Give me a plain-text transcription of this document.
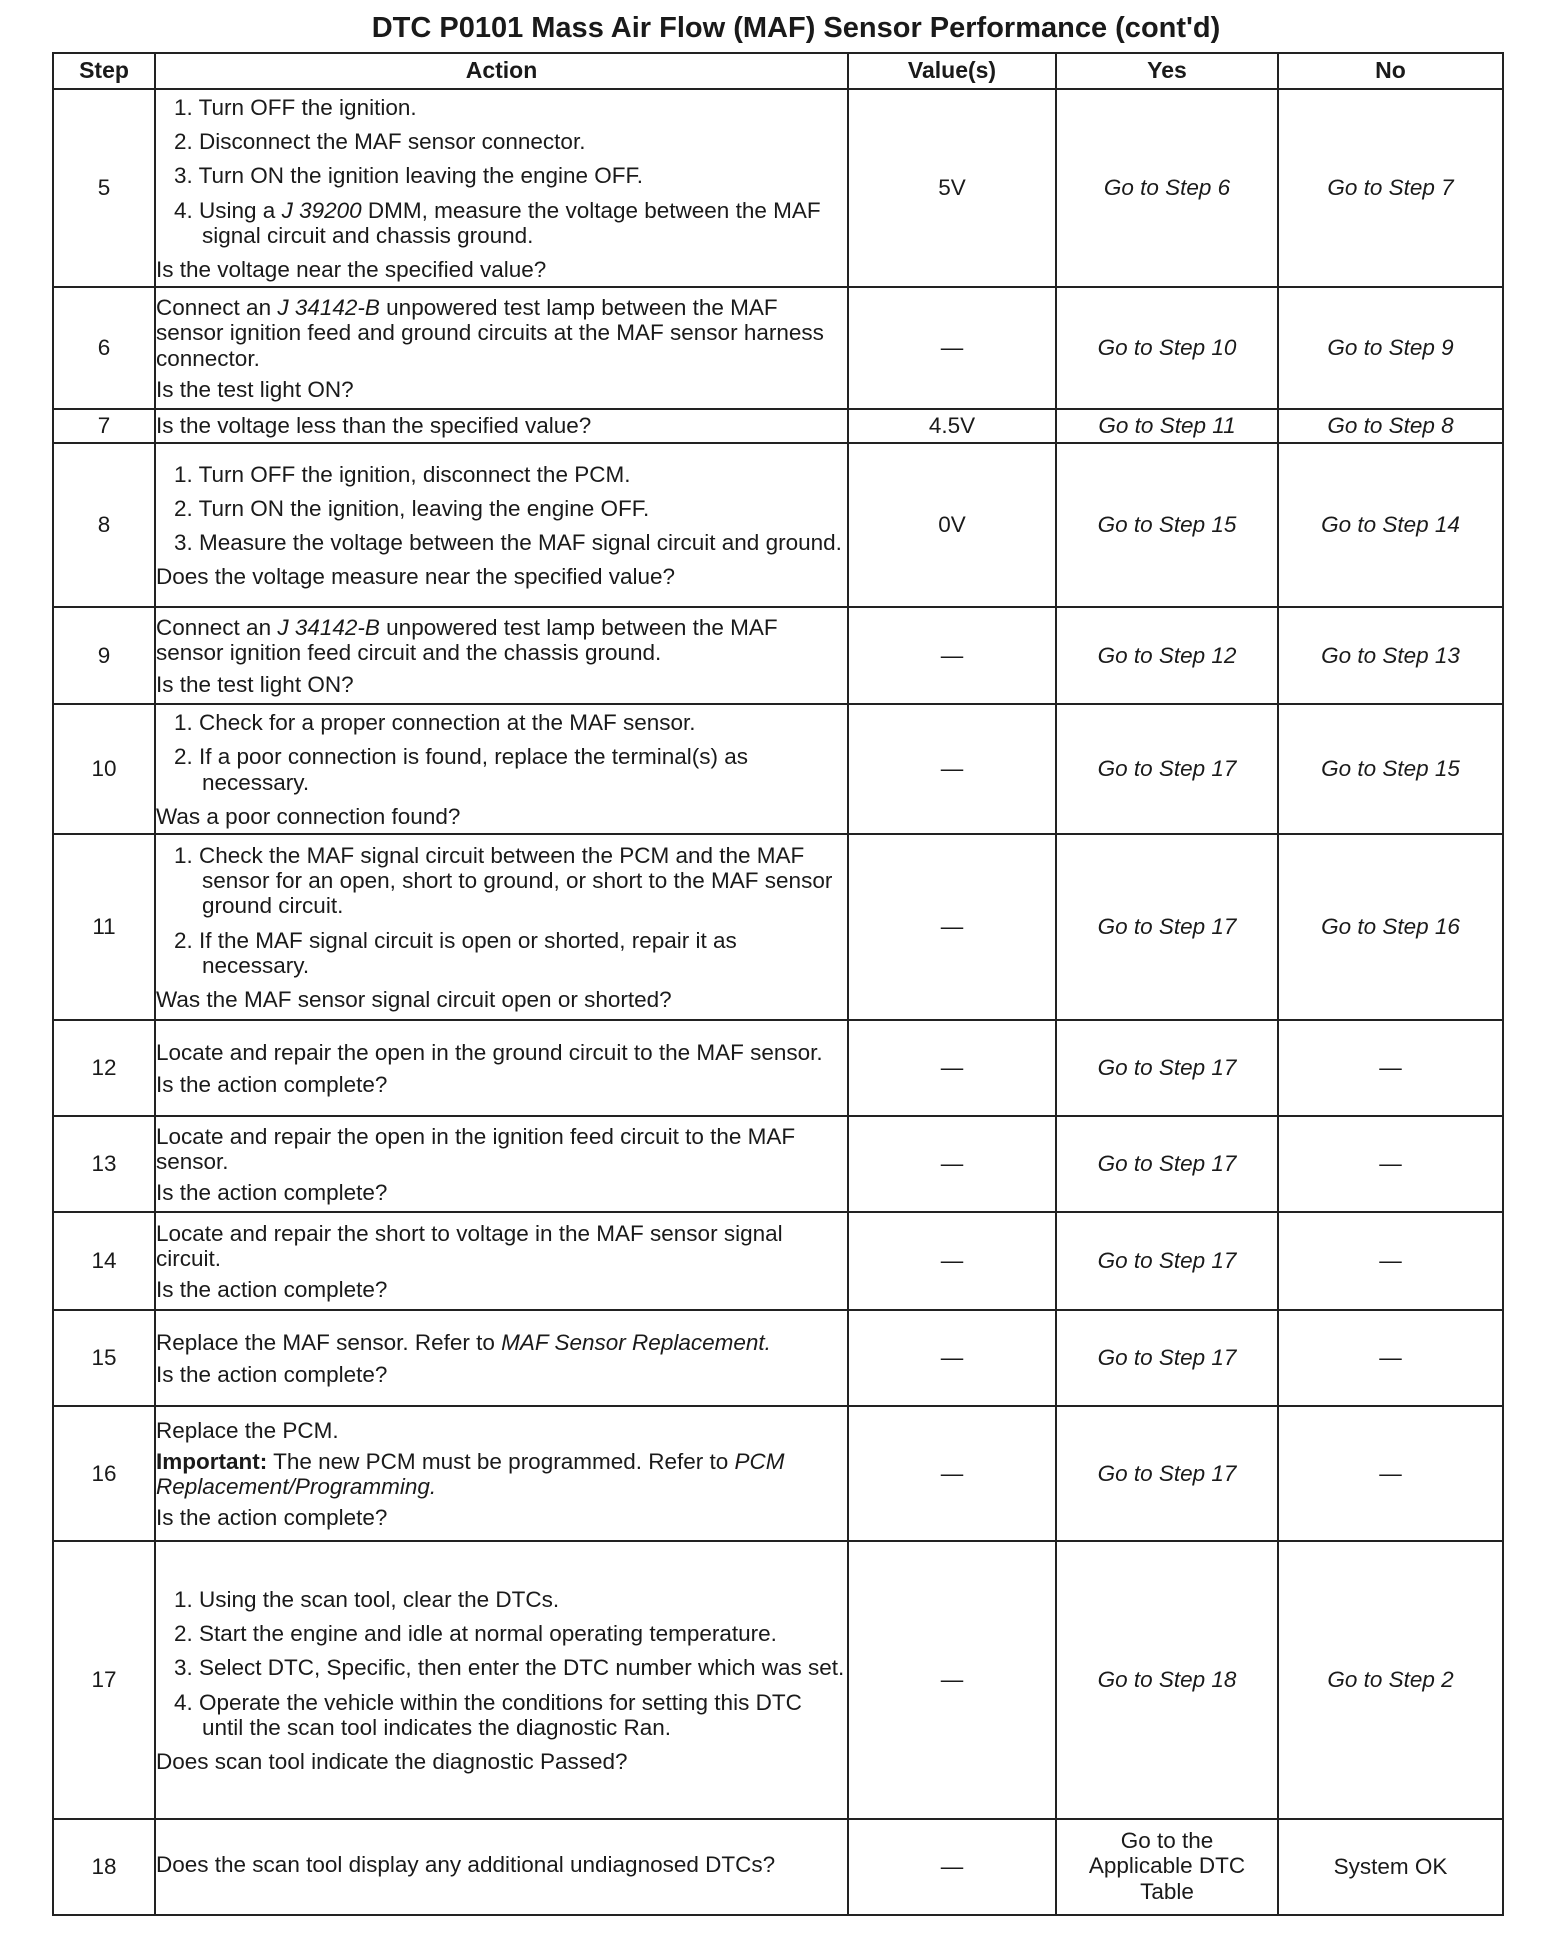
DTC P0101 Mass Air Flow (MAF) Sensor Performance (cont'd)
Step	Action	Value(s)	Yes	No
5	1. Turn OFF the ignition.
2. Disconnect the MAF sensor connector.
3. Turn ON the ignition leaving the engine OFF.
4. Using a J 39200 DMM, measure the voltage between the MAF signal circuit and chassis ground.
Is the voltage near the specified value?	5V	Go to Step 6	Go to Step 7
6	Connect an J 34142-B unpowered test lamp between the MAF sensor ignition feed and ground circuits at the MAF sensor harness connector.
Is the test light ON?	—	Go to Step 10	Go to Step 9
7	Is the voltage less than the specified value?	4.5V	Go to Step 11	Go to Step 8
8	1. Turn OFF the ignition, disconnect the PCM.
2. Turn ON the ignition, leaving the engine OFF.
3. Measure the voltage between the MAF signal circuit and ground.
Does the voltage measure near the specified value?	0V	Go to Step 15	Go to Step 14
9	Connect an J 34142-B unpowered test lamp between the MAF sensor ignition feed circuit and the chassis ground.
Is the test light ON?	—	Go to Step 12	Go to Step 13
10	1. Check for a proper connection at the MAF sensor.
2. If a poor connection is found, replace the terminal(s) as necessary.
Was a poor connection found?	—	Go to Step 17	Go to Step 15
11	1. Check the MAF signal circuit between the PCM and the MAF sensor for an open, short to ground, or short to the MAF sensor ground circuit.
2. If the MAF signal circuit is open or shorted, repair it as necessary.
Was the MAF sensor signal circuit open or shorted?	—	Go to Step 17	Go to Step 16
12	Locate and repair the open in the ground circuit to the MAF sensor.
Is the action complete?	—	Go to Step 17	—
13	Locate and repair the open in the ignition feed circuit to the MAF sensor.
Is the action complete?	—	Go to Step 17	—
14	Locate and repair the short to voltage in the MAF sensor signal circuit.
Is the action complete?	—	Go to Step 17	—
15	Replace the MAF sensor. Refer to MAF Sensor Replacement.
Is the action complete?	—	Go to Step 17	—
16	Replace the PCM.
Important: The new PCM must be programmed. Refer to PCM Replacement/Programming.
Is the action complete?	—	Go to Step 17	—
17	1. Using the scan tool, clear the DTCs.
2. Start the engine and idle at normal operating temperature.
3. Select DTC, Specific, then enter the DTC number which was set.
4. Operate the vehicle within the conditions for setting this DTC until the scan tool indicates the diagnostic Ran.
Does scan tool indicate the diagnostic Passed?	—	Go to Step 18	Go to Step 2
18	Does the scan tool display any additional undiagnosed DTCs?	—	Go to the Applicable DTC Table	System OK
